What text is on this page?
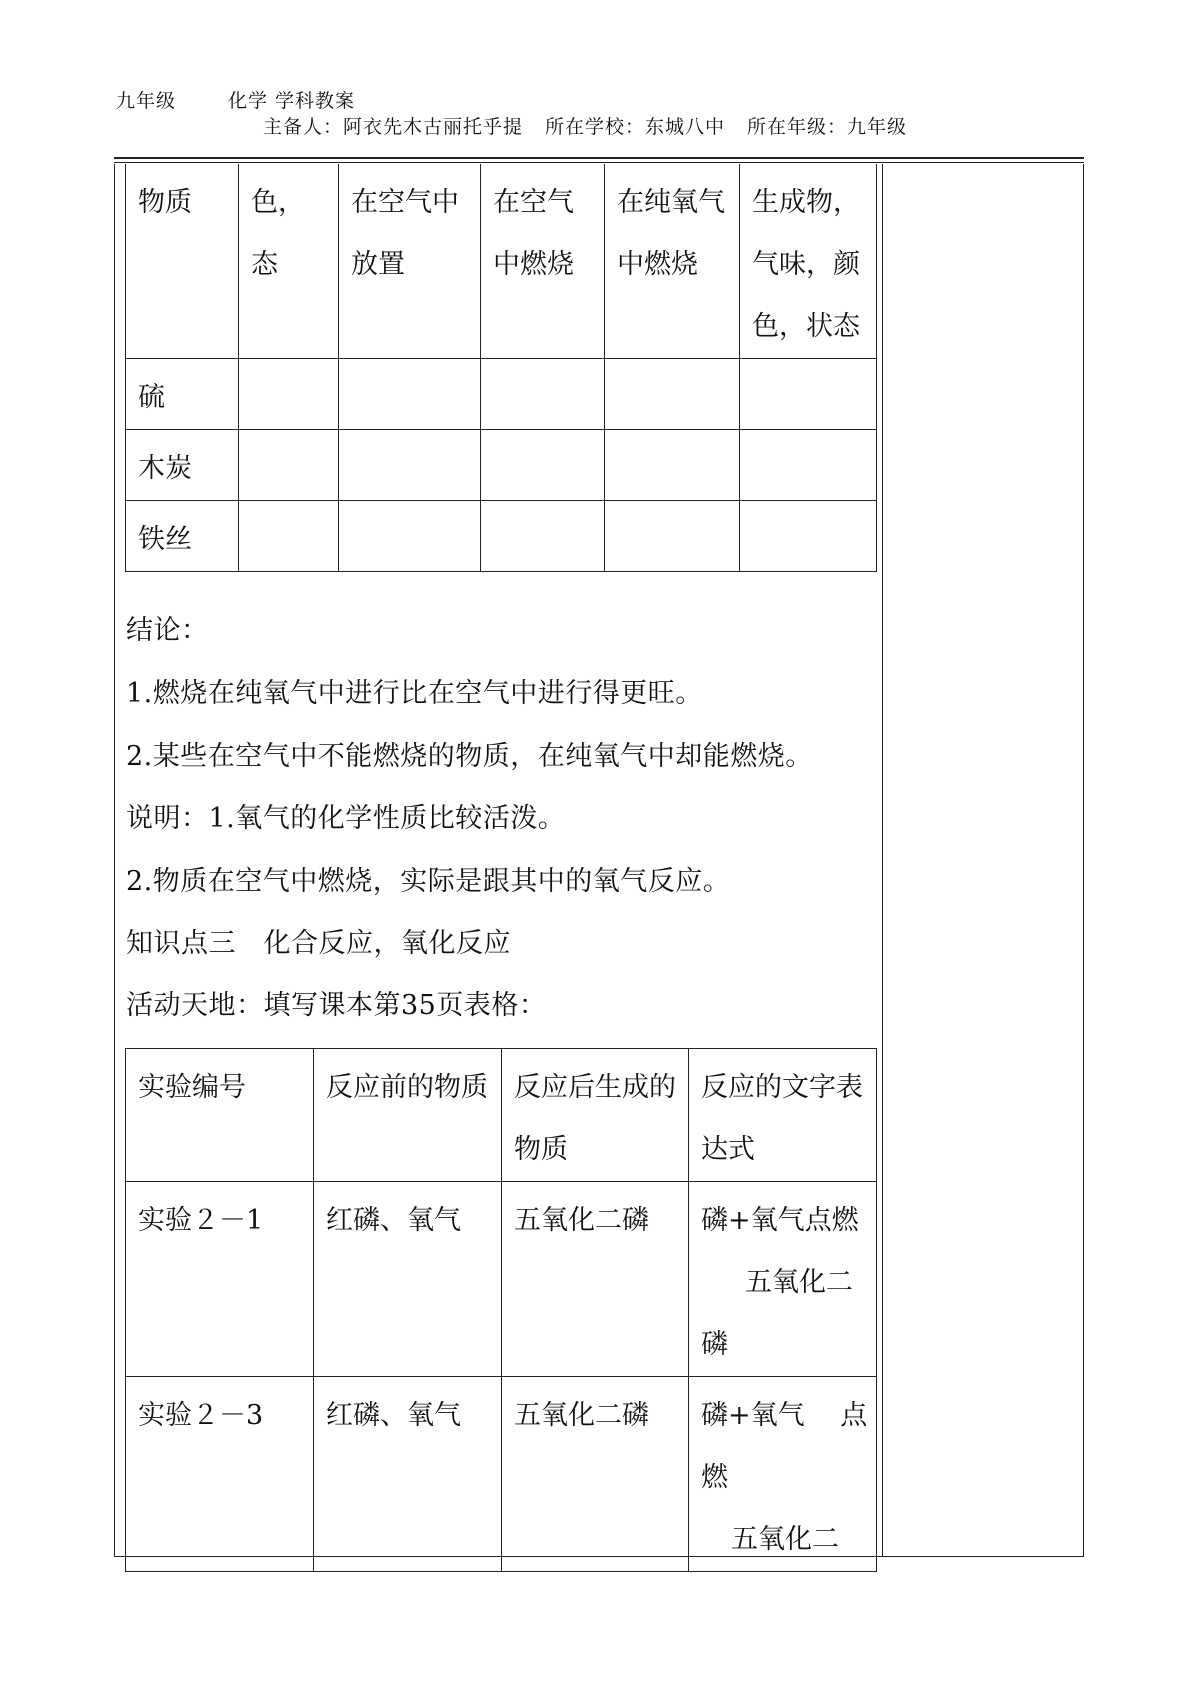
九年级	化学 学科教案
主备人：阿衣先木古丽托乎提 所在学校：东城八中 所在年级：九年级
物质	色，态	在空气中放置	在空气中燃烧	在纯氧气中燃烧	生成物，气味，颜色，状态
硫					
木炭					
铁丝					
结论：
1.燃烧在纯氧气中进行比在空气中进行得更旺。
2.某些在空气中不能燃烧的物质，在纯氧气中却能燃烧。
说明：1.氧气的化学性质比较活泼。
2.物质在空气中燃烧，实际是跟其中的氧气反应。
知识点三　化合反应，氧化反应
活动天地：填写课本第35页表格：
实验编号	反应前的物质	反应后生成的物质	反应的文字表达式
实验２－1	红磷、氧气	五氧化二磷	磷+氧气点燃
五氧化二
磷

实验２－3	红磷、氧气	五氧化二磷	磷+氧气　 点
燃
五氧化二
